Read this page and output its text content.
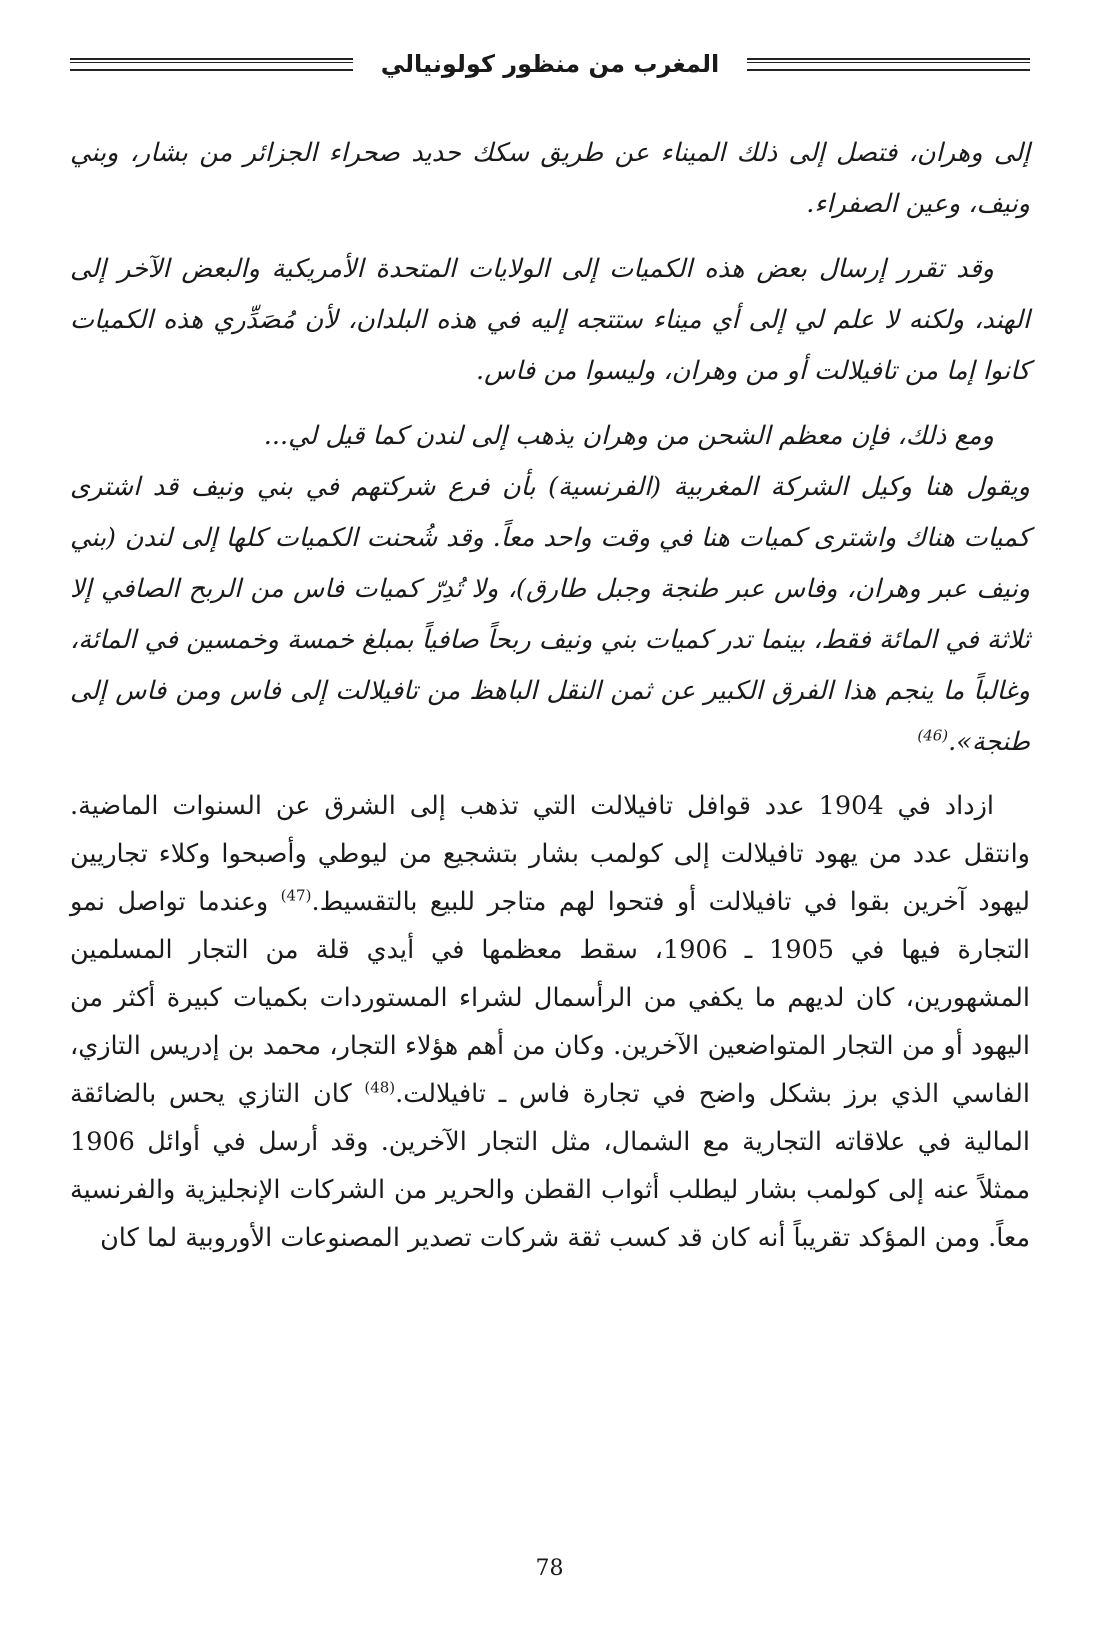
المغرب من منظور كولونيالي

إلى وهران، فتصل إلى ذلك الميناء عن طريق سكك حديد صحراء الجزائر من بشار، وبني ونيف، وعين الصفراء.

وقد تقرر إرسال بعض هذه الكميات إلى الولايات المتحدة الأمريكية والبعض الآخر إلى الهند، ولكنه لا علم لي إلى أي ميناء ستتجه إليه في هذه البلدان، لأن مُصَدِّري هذه الكميات كانوا إما من تافيلالت أو من وهران، وليسوا من فاس.

ومع ذلك، فإن معظم الشحن من وهران يذهب إلى لندن كما قيل لي...

ويقول هنا وكيل الشركة المغربية (الفرنسية) بأن فرع شركتهم في بني ونيف قد اشترى كميات هناك واشترى كميات هنا في وقت واحد معاً. وقد شُحنت الكميات كلها إلى لندن (بني ونيف عبر وهران، وفاس عبر طنجة وجبل طارق)، ولا تُدِرّ كميات فاس من الربح الصافي إلا ثلاثة في المائة فقط، بينما تدر كميات بني ونيف ربحاً صافياً بمبلغ خمسة وخمسين في المائة، وغالباً ما ينجم هذا الفرق الكبير عن ثمن النقل الباهظ من تافيلالت إلى فاس ومن فاس إلى طنجة».$^{(46)}$

ازداد في 1904 عدد قوافل تافيلالت التي تذهب إلى الشرق عن السنوات الماضية. وانتقل عدد من يهود تافيلالت إلى كولمب بشار بتشجيع من ليوطي وأصبحوا وكلاء تجاريين ليهود آخرين بقوا في تافيلالت أو فتحوا لهم متاجر للبيع بالتقسيط.$^{(47)}$ وعندما تواصل نمو التجارة فيها في 1905 ـ 1906، سقط معظمها في أيدي قلة من التجار المسلمين المشهورين، كان لديهم ما يكفي من الرأسمال لشراء المستوردات بكميات كبيرة أكثر من اليهود أو من التجار المتواضعين الآخرين. وكان من أهم هؤلاء التجار، محمد بن إدريس التازي، الفاسي الذي برز بشكل واضح في تجارة فاس ـ تافيلالت.$^{(48)}$ كان التازي يحس بالضائقة المالية في علاقاته التجارية مع الشمال، مثل التجار الآخرين. وقد أرسل في أوائل 1906 ممثلاً عنه إلى كولمب بشار ليطلب أثواب القطن والحرير من الشركات الإنجليزية والفرنسية معاً. ومن المؤكد تقريباً أنه كان قد كسب ثقة شركات تصدير المصنوعات الأوروبية لما كان

78
